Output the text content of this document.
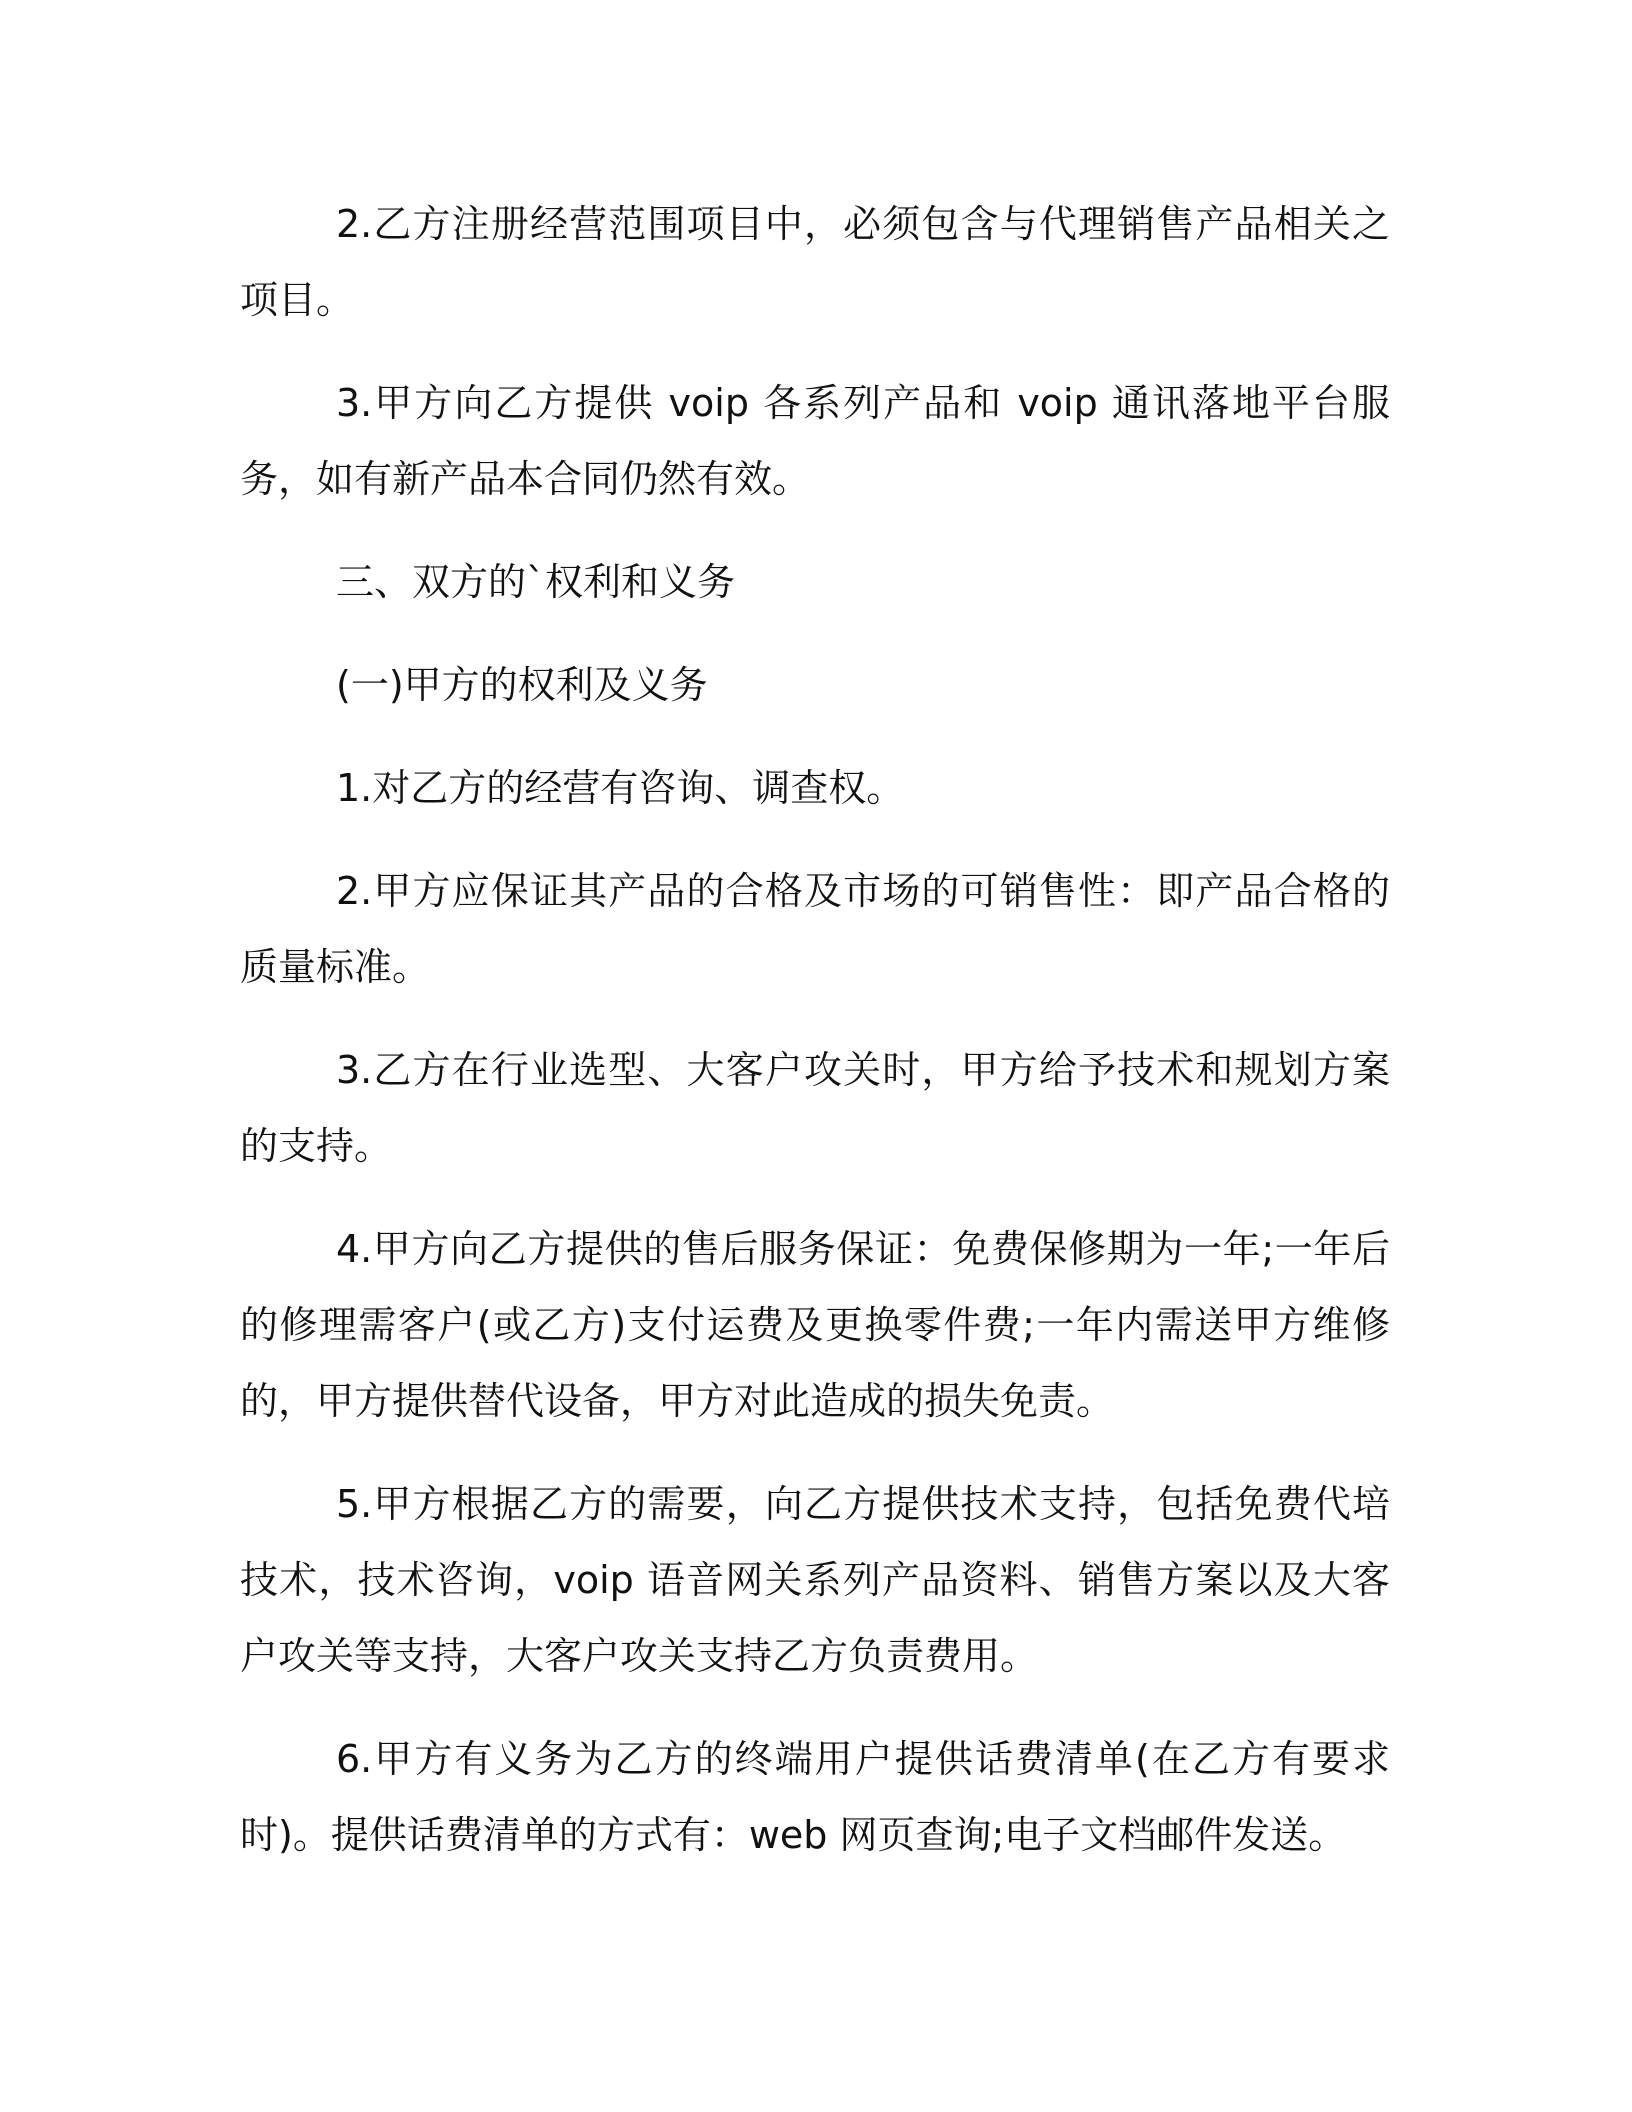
2.乙方注册经营范围项目中，必须包含与代理销售产品相关之项目。

3.甲方向乙方提供 voip 各系列产品和 voip 通讯落地平台服务，如有新产品本合同仍然有效。

三、双方的`权利和义务

(一)甲方的权利及义务

1.对乙方的经营有咨询、调查权。

2.甲方应保证其产品的合格及市场的可销售性：即产品合格的质量标准。

3.乙方在行业选型、大客户攻关时，甲方给予技术和规划方案的支持。

4.甲方向乙方提供的售后服务保证：免费保修期为一年;一年后的修理需客户(或乙方)支付运费及更换零件费;一年内需送甲方维修的，甲方提供替代设备，甲方对此造成的损失免责。

5.甲方根据乙方的需要，向乙方提供技术支持，包括免费代培技术，技术咨询，voip 语音网关系列产品资料、销售方案以及大客户攻关等支持，大客户攻关支持乙方负责费用。

6.甲方有义务为乙方的终端用户提供话费清单(在乙方有要求时)。提供话费清单的方式有：web 网页查询;电子文档邮件发送。
